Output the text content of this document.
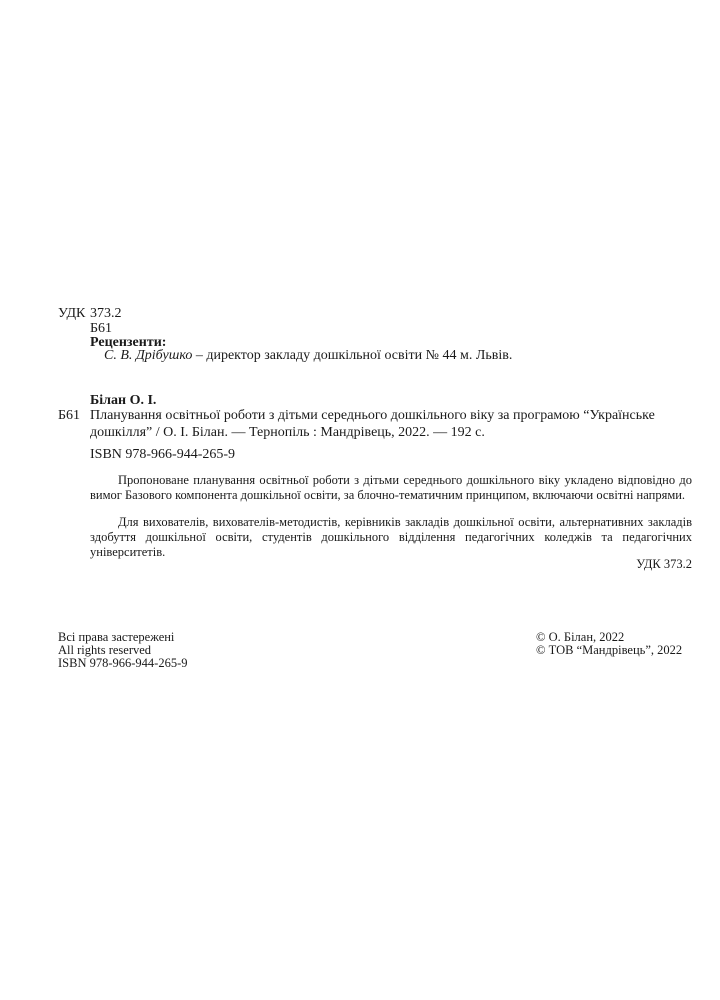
УДК 373.2
Б61
Рецензенти:
С. В. Дрібушко – директор закладу дошкільної освіти № 44 м. Львів.
Білан О. І.
Б61 Планування освітньої роботи з дітьми середнього дошкільного віку за програмою “Українське
дошкілля” / О. І. Білан. — Тернопіль : Мандрівець, 2022. — 192 с.
ISBN 978-966-944-265-9
Пропоноване планування освітньої роботи з дітьми середнього дошкільного віку укладено відповідно до вимог Базового компонента дошкільної освіти, за блочно-тематичним принципом, включаючи освітні напрями.
Для вихователів, вихователів-методистів, керівників закладів дошкільної освіти, альтернативних закладів здобуття дошкільної освіти, студентів дошкільного відділення педагогічних коледжів та педагогічних університетів.
УДК 373.2
Всі права застережені
All rights reserved
ISBN 978-966-944-265-9
© О. Білан, 2022
© ТОВ “Мандрівець”, 2022
